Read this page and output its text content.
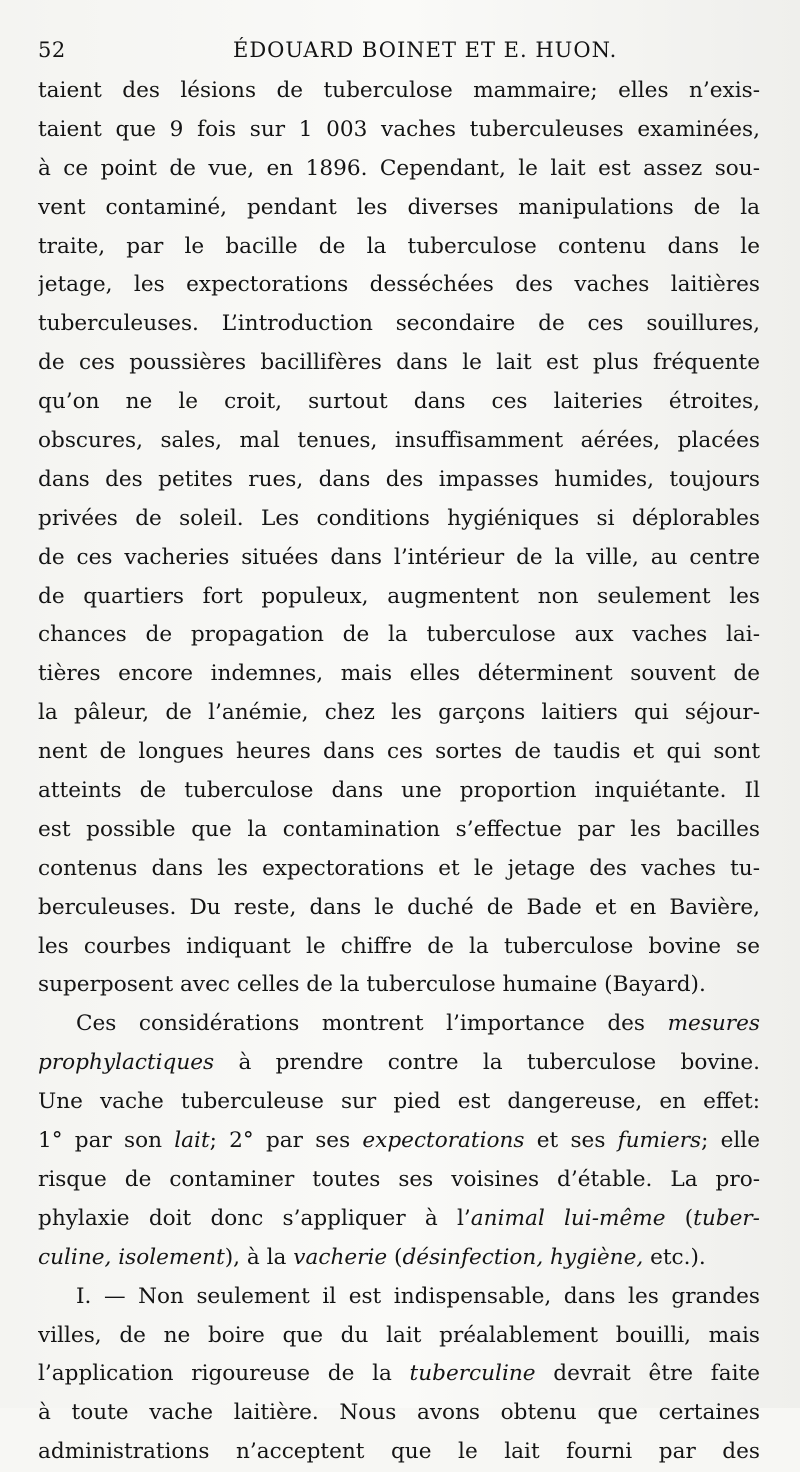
52	ÉDOUARD BOINET ET E. HUON.
taient des lésions de tuberculose mammaire; elles n’exis-
taient que 9 fois sur 1 003 vaches tuberculeuses examinées,
à ce point de vue, en 1896. Cependant, le lait est assez sou-
vent contaminé, pendant les diverses manipulations de la
traite, par le bacille de la tuberculose contenu dans le
jetage, les expectorations desséchées des vaches laitières
tuberculeuses. L’introduction secondaire de ces souillures,
de ces poussières bacillifères dans le lait est plus fréquente
qu’on ne le croit, surtout dans ces laiteries étroites,
obscures, sales, mal tenues, insuffisamment aérées, placées
dans des petites rues, dans des impasses humides, toujours
privées de soleil. Les conditions hygiéniques si déplorables
de ces vacheries situées dans l’intérieur de la ville, au centre
de quartiers fort populeux, augmentent non seulement les
chances de propagation de la tuberculose aux vaches lai-
tières encore indemnes, mais elles déterminent souvent de
la pâleur, de l’anémie, chez les garçons laitiers qui séjour-
nent de longues heures dans ces sortes de taudis et qui sont
atteints de tuberculose dans une proportion inquiétante. Il
est possible que la contamination s’effectue par les bacilles
contenus dans les expectorations et le jetage des vaches tu-
berculeuses. Du reste, dans le duché de Bade et en Bavière,
les courbes indiquant le chiffre de la tuberculose bovine se
superposent avec celles de la tuberculose humaine (Bayard).
Ces considérations montrent l’importance des mesures
prophylactiques à prendre contre la tuberculose bovine.
Une vache tuberculeuse sur pied est dangereuse, en effet:
1° par son lait; 2° par ses expectorations et ses fumiers; elle
risque de contaminer toutes ses voisines d’étable. La pro-
phylaxie doit donc s’appliquer à l’animal lui-même (tuber-
culine, isolement), à la vacherie (désinfection, hygiène, etc.).
I. — Non seulement il est indispensable, dans les grandes
villes, de ne boire que du lait préalablement bouilli, mais
l’application rigoureuse de la tuberculine devrait être faite
à toute vache laitière. Nous avons obtenu que certaines
administrations n’acceptent que le lait fourni par des
